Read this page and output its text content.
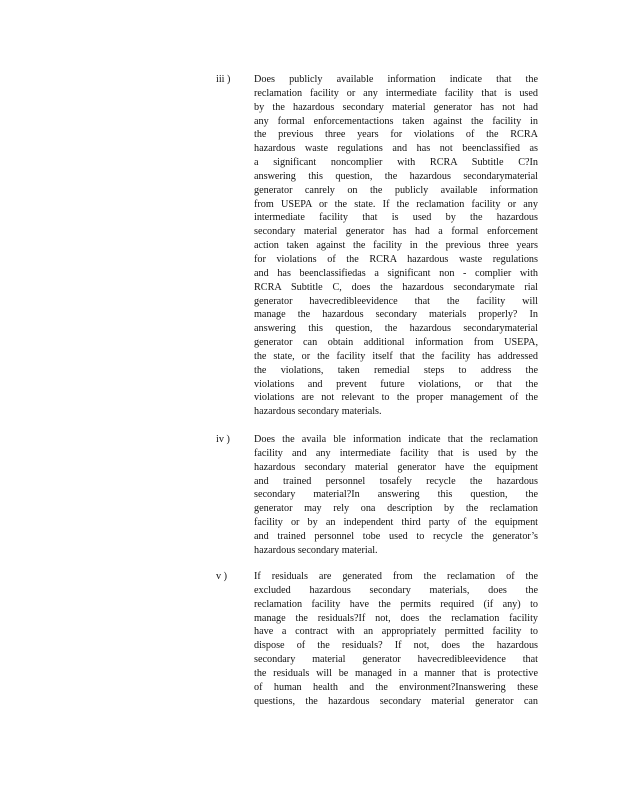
iii )	Does publicly available information indicate that the
reclamation facility or any intermediate facility that is used
by the hazardous secondary material generator has not had
any formal enforcementactions taken against the facility in
the previous three years for violations of the RCRA
hazardous waste regulations and has not beenclassified as
a significant noncomplier with RCRA Subtitle C?In
answering this question, the hazardous secondarymaterial
generator canrely on the publicly available information
from USEPA or the state. If the reclamation facility or any
intermediate facility that is used by the hazardous
secondary material generator has had a formal enforcement
action taken against the facility in the previous three years
for violations of the RCRA hazardous waste regulations
and has beenclassifiedas a significant non - complier with
RCRA Subtitle C, does the hazardous secondarymate rial
generator havecredibleevidence that the facility will
manage the hazardous secondary materials properly? In
answering this question, the hazardous secondarymaterial
generator can obtain additional information from USEPA,
the state, or the facility itself that the facility has addressed
the violations, taken remedial steps to address the
violations and prevent future violations, or that the
violations are not relevant to the proper management of the
hazardous secondary materials.
iv )	Does the availa ble information indicate that the reclamation
facility and any intermediate facility that is used by the
hazardous secondary material generator have the equipment
and trained personnel tosafely recycle the hazardous
secondary material?In answering this question, the
generator may rely ona description by the reclamation
facility or by an independent third party of the equipment
and trained personnel tobe used to recycle the generator’s
hazardous secondary material.
v )	If residuals are generated from the reclamation of the
excluded hazardous secondary materials, does the
reclamation facility have the permits required (if any) to
manage the residuals?If not, does the reclamation facility
have a contract with an appropriately permitted facility to
dispose of the residuals? If not, does the hazardous
secondary material generator havecredibleevidence that
the residuals will be managed in a manner that is protective
of human health and the environment?Inanswering these
questions, the hazardous secondary material generator can
